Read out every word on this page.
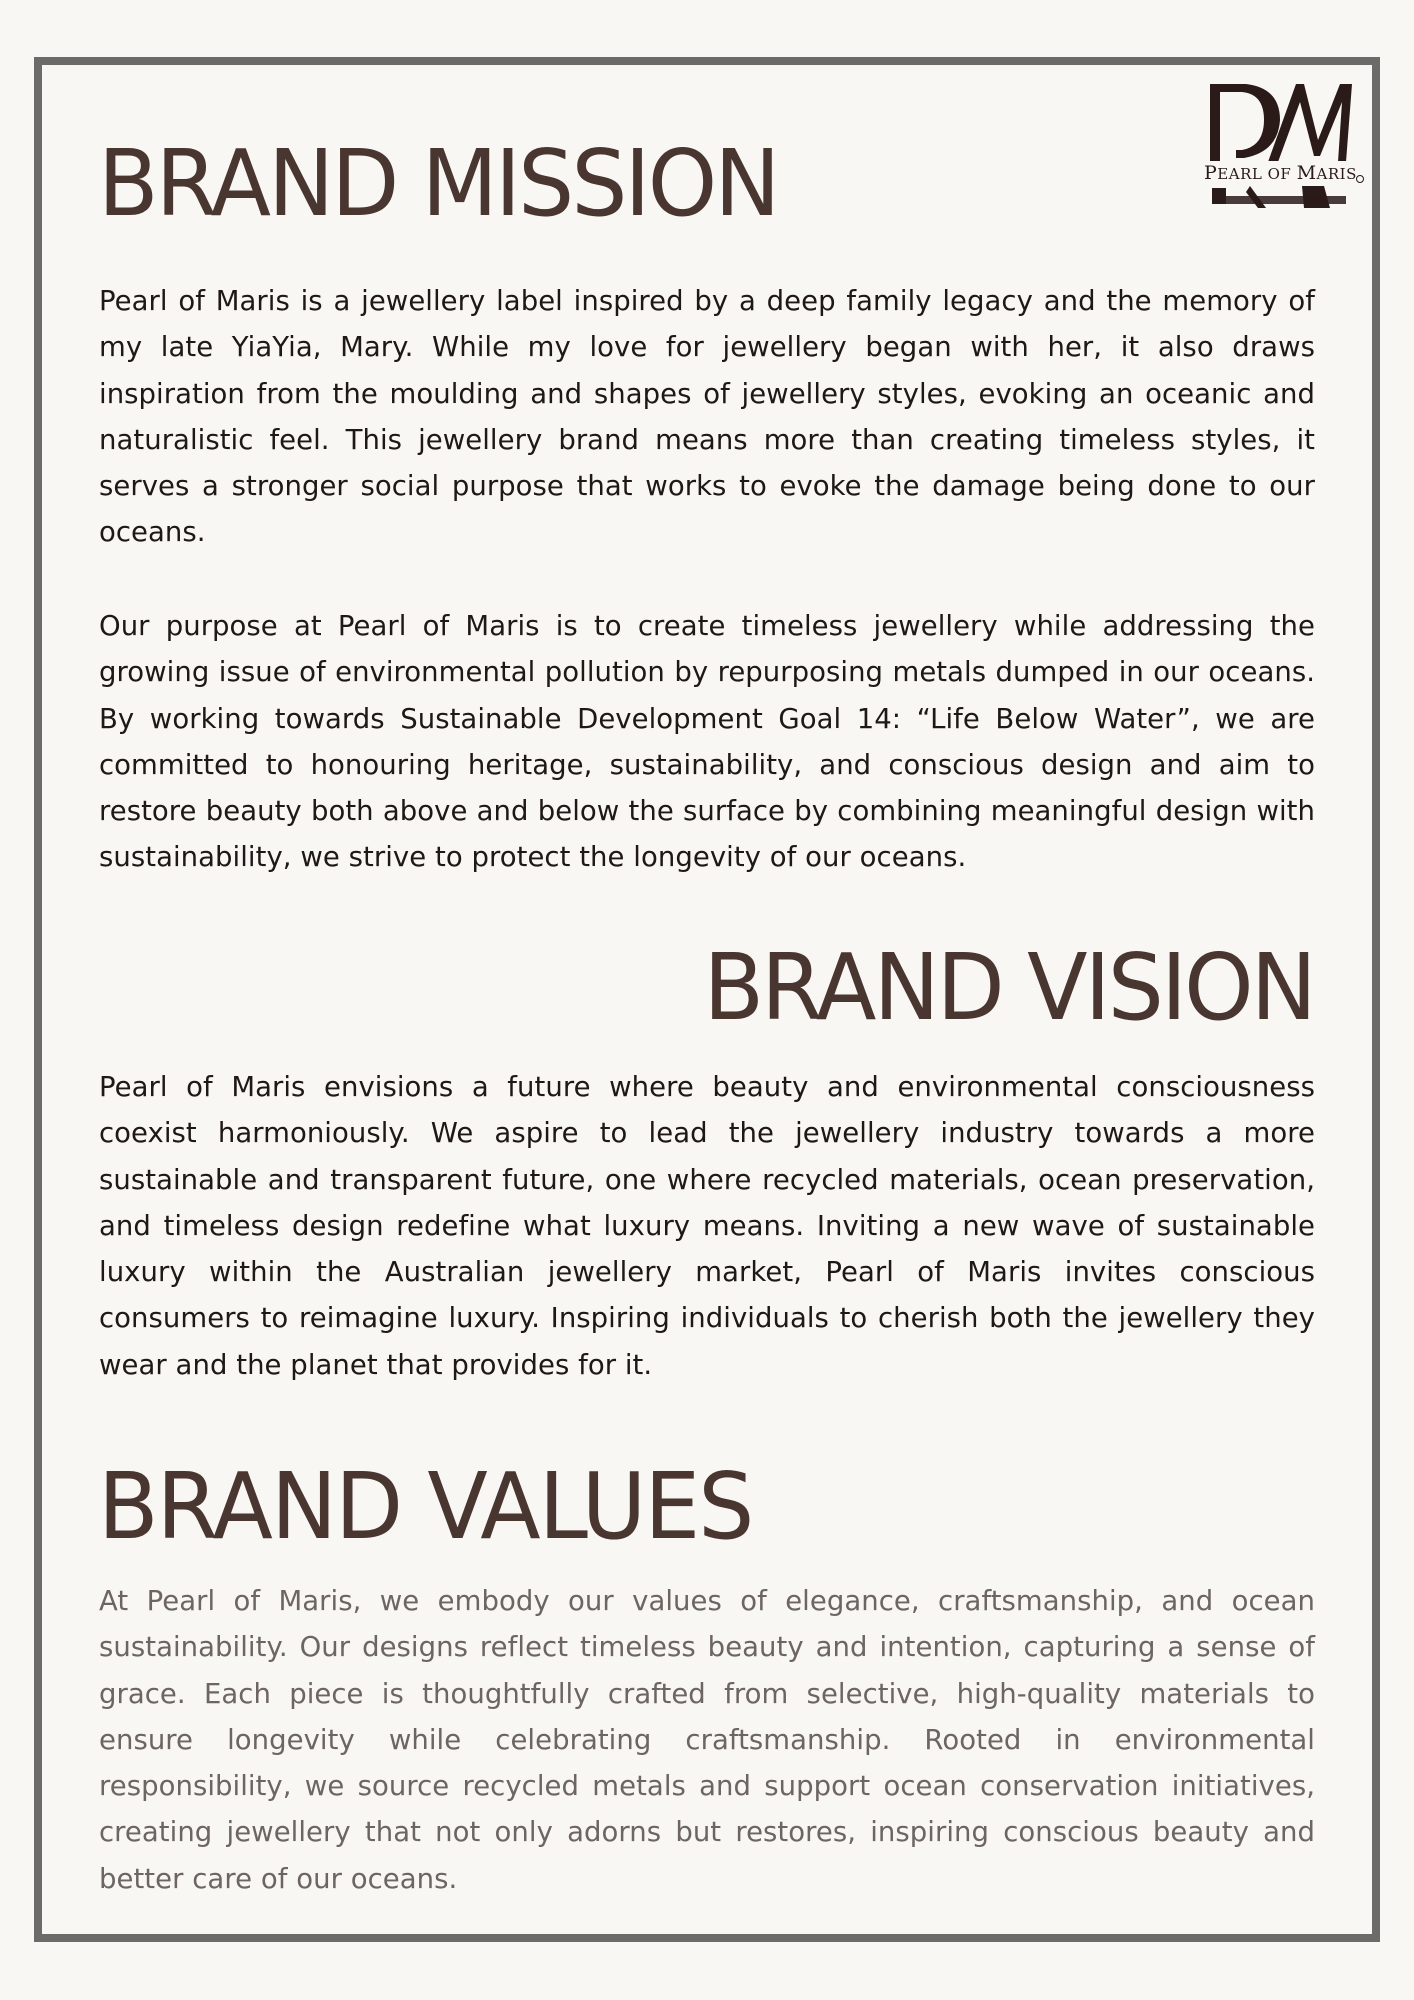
PEARL OF MARIS
BRAND MISSION

Pearl of Maris is a jewellery label inspired by a deep family legacy and the memory of my late YiaYia, Mary. While my love for jewellery began with her, it also draws inspiration from the moulding and shapes of jewellery styles, evoking an oceanic and naturalistic feel. This jewellery brand means more than creating timeless styles, it serves a stronger social purpose that works to evoke the damage being done to our oceans.

Our purpose at Pearl of Maris is to create timeless jewellery while addressing the growing issue of environmental pollution by repurposing metals dumped in our oceans. By working towards Sustainable Development Goal 14: “Life Below Water”, we are committed to honouring heritage, sustainability, and conscious design and aim to restore beauty both above and below the surface by combining meaningful design with sustainability, we strive to protect the longevity of our oceans.

BRAND VISION

Pearl of Maris envisions a future where beauty and environmental consciousness coexist harmoniously. We aspire to lead the jewellery industry towards a more sustainable and transparent future, one where recycled materials, ocean preservation, and timeless design redefine what luxury means. Inviting a new wave of sustainable luxury within the Australian jewellery market, Pearl of Maris invites conscious consumers to reimagine luxury. Inspiring individuals to cherish both the jewellery they wear and the planet that provides for it.

BRAND VALUES

At Pearl of Maris, we embody our values of elegance, craftsmanship, and ocean sustainability. Our designs reflect timeless beauty and intention, capturing a sense of grace. Each piece is thoughtfully crafted from selective, high-quality materials to ensure longevity while celebrating craftsmanship. Rooted in environmental responsibility, we source recycled metals and support ocean conservation initiatives, creating jewellery that not only adorns but restores, inspiring conscious beauty and better care of our oceans.
